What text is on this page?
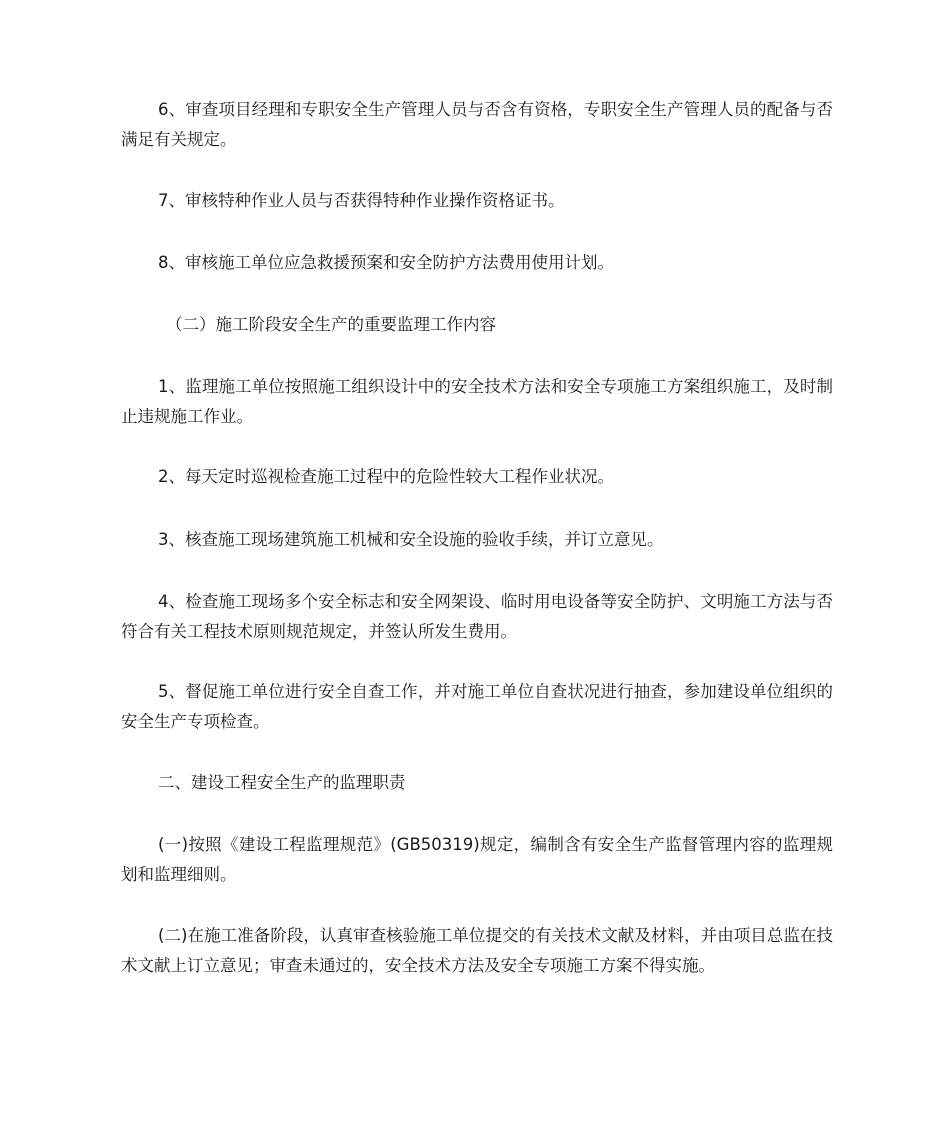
6、审查项目经理和专职安全生产管理人员与否含有资格，专职安全生产管理人员的配备与否满足有关规定。

7、审核特种作业人员与否获得特种作业操作资格证书。

8、审核施工单位应急救援预案和安全防护方法费用使用计划。

（二）施工阶段安全生产的重要监理工作内容

1、监理施工单位按照施工组织设计中的安全技术方法和安全专项施工方案组织施工，及时制止违规施工作业。

2、每天定时巡视检查施工过程中的危险性较大工程作业状况。

3、核查施工现场建筑施工机械和安全设施的验收手续，并订立意见。

4、检查施工现场多个安全标志和安全网架设、临时用电设备等安全防护、文明施工方法与否符合有关工程技术原则规范规定，并签认所发生费用。

5、督促施工单位进行安全自查工作，并对施工单位自查状况进行抽查，参加建设单位组织的安全生产专项检查。

二、建设工程安全生产的监理职责

(一)按照《建设工程监理规范》(GB50319)规定，编制含有安全生产监督管理内容的监理规划和监理细则。

(二)在施工准备阶段，认真审查核验施工单位提交的有关技术文献及材料，并由项目总监在技术文献上订立意见；审查未通过的，安全技术方法及安全专项施工方案不得实施。
